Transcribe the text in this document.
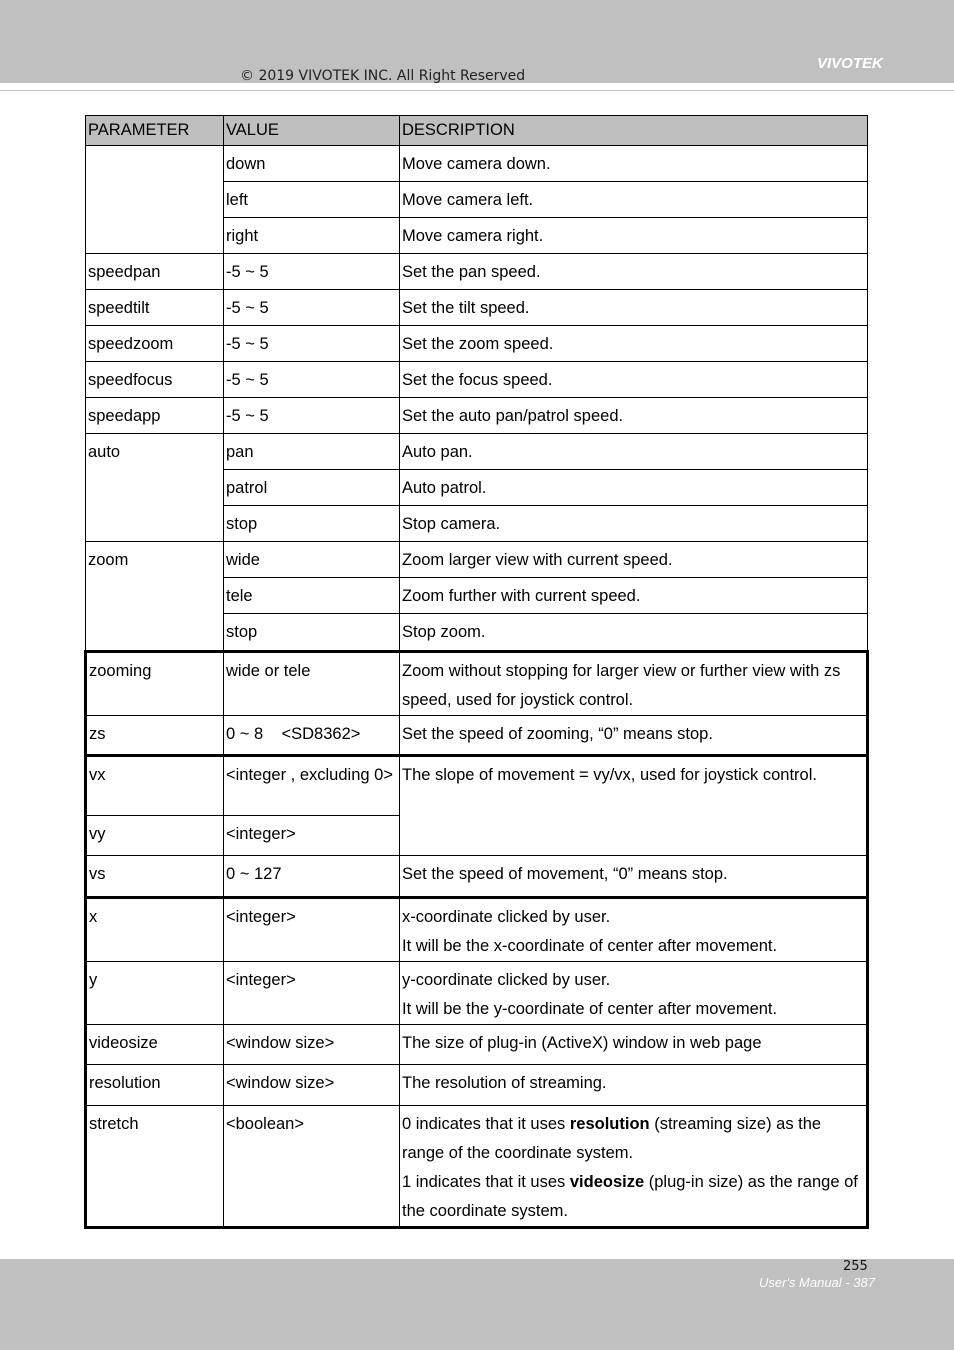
© 2019 VIVOTEK INC. All Right Reserved
VIVOTEK
PARAMETER	VALUE	DESCRIPTION
	down	Move camera down.
	left	Move camera left.
	right	Move camera right.
speedpan	-5 ~ 5	Set the pan speed.
speedtilt	-5 ~ 5	Set the tilt speed.
speedzoom	-5 ~ 5	Set the zoom speed.
speedfocus	-5 ~ 5	Set the focus speed.
speedapp	-5 ~ 5	Set the auto pan/patrol speed.
auto	pan	Auto pan.
	patrol	Auto patrol.
	stop	Stop camera.
zoom	wide	Zoom larger view with current speed.
	tele	Zoom further with current speed.
	stop	Stop zoom.
zooming	wide or tele	Zoom without stopping for larger view or further view with zs speed, used for joystick control.
zs	0 ~ 8    <SD8362>	Set the speed of zooming, “0” means stop.
vx	<integer , excluding 0>	The slope of movement = vy/vx, used for joystick control.
vy	<integer>	
vs	0 ~ 127	Set the speed of movement, “0” means stop.
x	<integer>	x-coordinate clicked by user.
It will be the x-coordinate of center after movement.

y	<integer>	y-coordinate clicked by user.
It will be the y-coordinate of center after movement.

videosize	<window size>	The size of plug-in (ActiveX) window in web page
resolution	<window size>	The resolution of streaming.
stretch	<boolean>	0 indicates that it uses resolution (streaming size) as the range of the coordinate system.
1 indicates that it uses videosize (plug-in size) as the range of the coordinate system.
255
User's Manual - 387
